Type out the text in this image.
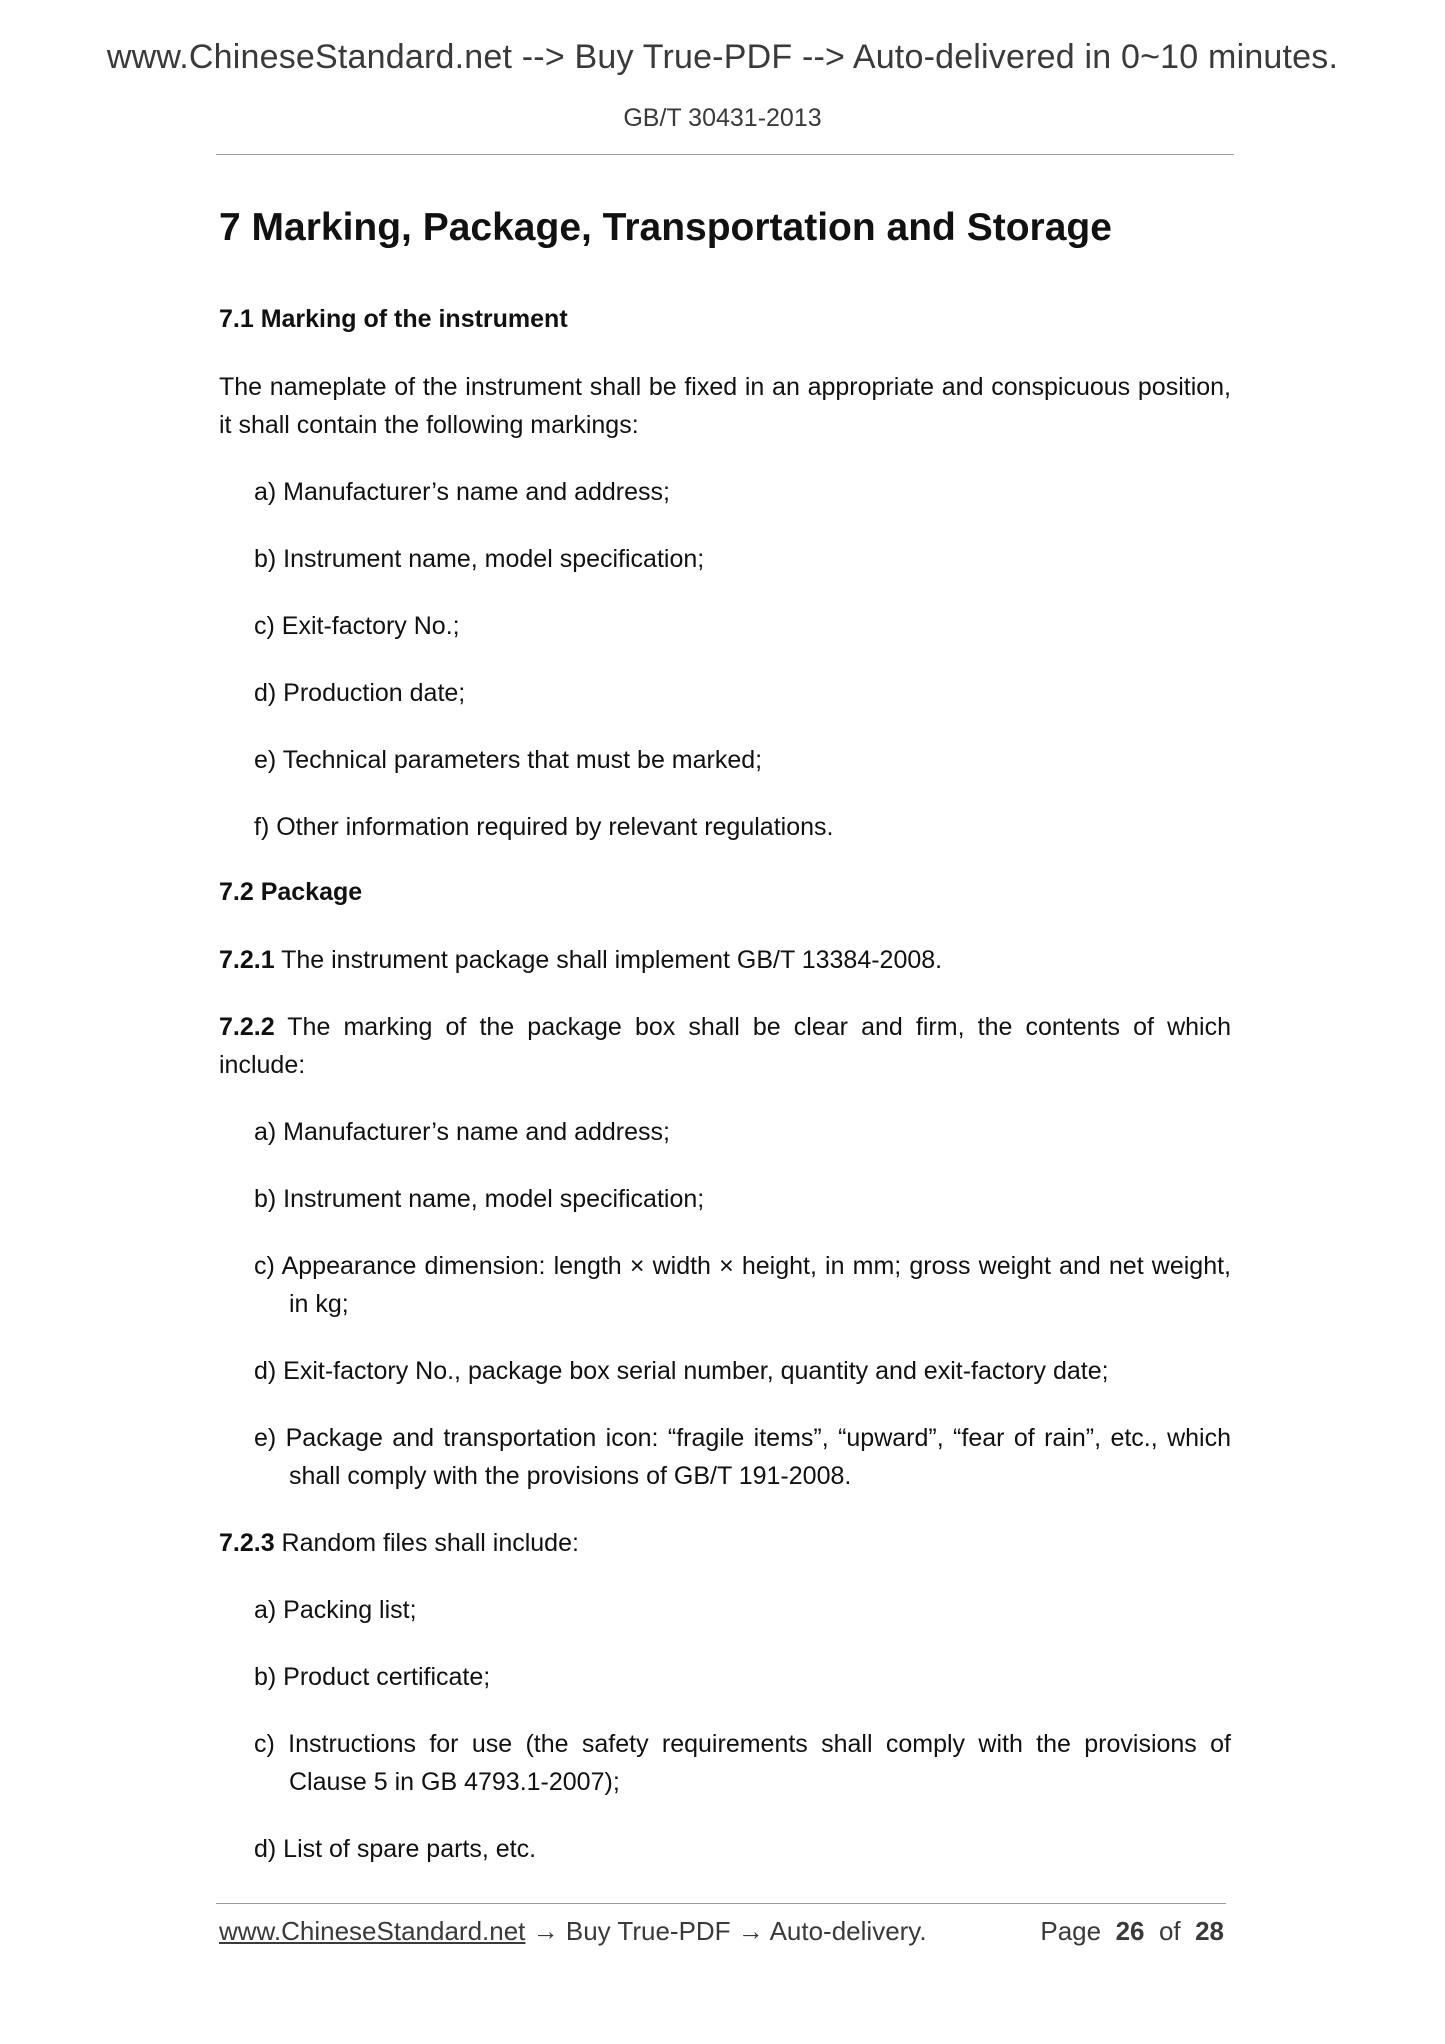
www.ChineseStandard.net --> Buy True-PDF --> Auto-delivered in 0~10 minutes.
GB/T 30431-2013
7 Marking, Package, Transportation and Storage
7.1 Marking of the instrument

The nameplate of the instrument shall be fixed in an appropriate and conspicuous position, it shall contain the following markings:

a) Manufacturer’s name and address;
b) Instrument name, model specification;
c) Exit-factory No.;
d) Production date;
e) Technical parameters that must be marked;
f) Other information required by relevant regulations.
7.2 Package

7.2.1 The instrument package shall implement GB/T 13384-2008.

7.2.2 The marking of the package box shall be clear and firm, the contents of which include:

a) Manufacturer’s name and address;
b) Instrument name, model specification;
c) Appearance dimension: length × width × height, in mm; gross weight and net weight, in kg;
d) Exit-factory No., package box serial number, quantity and exit-factory date;
e) Package and transportation icon: “fragile items”, “upward”, “fear of rain”, etc., which shall comply with the provisions of GB/T 191-2008.

7.2.3 Random files shall include:

a) Packing list;
b) Product certificate;
c) Instructions for use (the safety requirements shall comply with the provisions of Clause 5 in GB 4793.1-2007);
d) List of spare parts, etc.
www.ChineseStandard.net → Buy True-PDF → Auto-delivery.	Page 26 of 28
